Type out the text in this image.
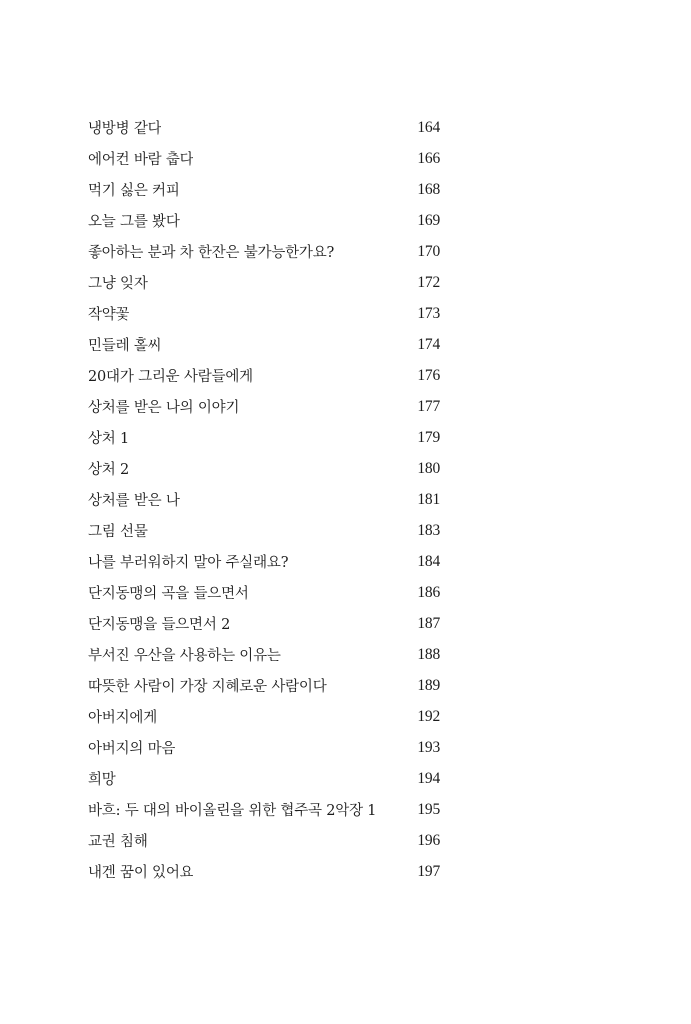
냉방병 같다	164
에어컨 바람 춥다	166
먹기 싫은 커피	168
오늘 그를 봤다	169
좋아하는 분과 차 한잔은 불가능한가요?	170
그냥 잊자	172
작약꽃	173
민들레 홀씨	174
20대가 그리운 사람들에게	176
상처를 받은 나의 이야기	177
상처 1	179
상처 2	180
상처를 받은 나	181
그림 선물	183
나를 부러워하지 말아 주실래요?	184
단지동맹의 곡을 들으면서	186
단지동맹을 들으면서 2	187
부서진 우산을 사용하는 이유는	188
따뜻한 사람이 가장 지혜로운 사람이다	189
아버지에게	192
아버지의 마음	193
희망	194
바흐: 두 대의 바이올린을 위한 협주곡 2악장 1	195
교권 침해	196
내겐 꿈이 있어요	197
